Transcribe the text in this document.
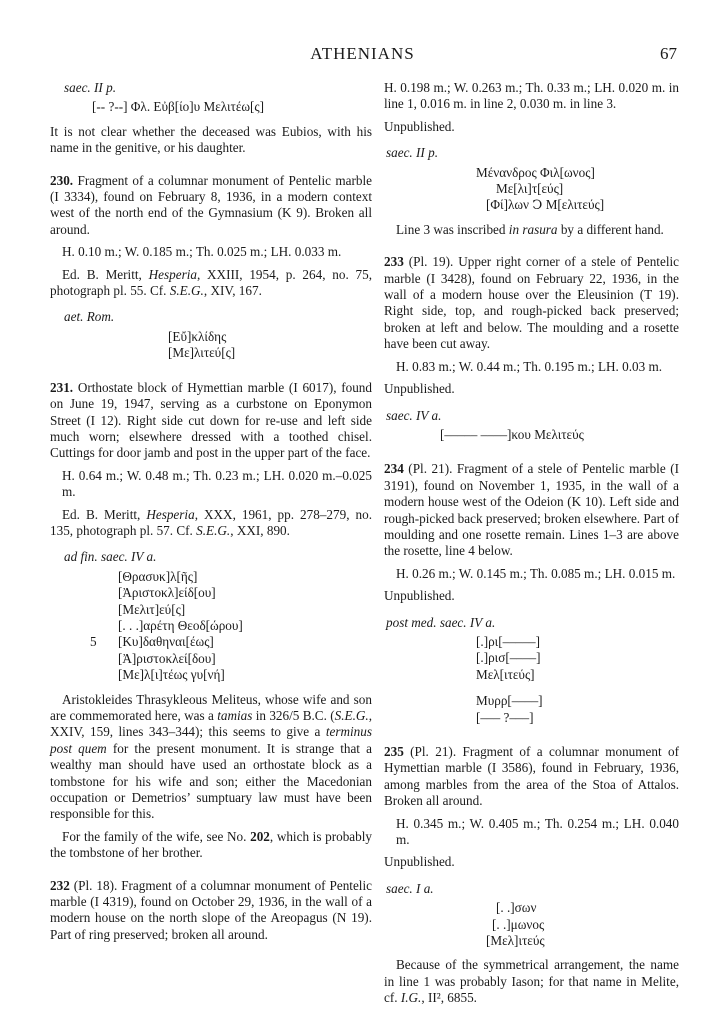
ATHENIANS	67

saec. II p.

[-- ?--] Φλ. Εὐβ[ίο]υ Μελιτέω[ς]

It is not clear whether the deceased was Eubios, with his name in the genitive, or his daughter.

230. Fragment of a columnar monument of Pentelic marble (I 3334), found on February 8, 1936, in a modern context west of the north end of the Gymnasium (K 9). Broken all around.

H. 0.10 m.; W. 0.185 m.; Th. 0.025 m.; LH. 0.033 m.

Ed. B. Meritt, Hesperia, XXIII, 1954, p. 264, no. 75, photograph pl. 55. Cf. S.E.G., XIV, 167.

aet. Rom.

[Εὔ]κλίδης
[Με]λιτεύ[ς]

231. Orthostate block of Hymettian marble (I 6017), found on June 19, 1947, serving as a curbstone on Eponymon Street (I 12). Right side cut down for re-use and left side much worn; elsewhere dressed with a toothed chisel. Cuttings for door jamb and post in the upper part of the face.

H. 0.64 m.; W. 0.48 m.; Th. 0.23 m.; LH. 0.020 m.–0.025 m.

Ed. B. Meritt, Hesperia, XXX, 1961, pp. 278–279, no. 135, photograph pl. 57. Cf. S.E.G., XXI, 890.

ad fin. saec. IV a.

[Θρασυκ]λ[ῆς]
[Ἀριστοκλ]είδ[ου]
[Μελιτ]εύ[ς]
[. . .]αρέτη Θεοδ[ώρου]
5 [Κυ]δαθηναι[έως]
[Ἀ]ριστοκλεί[δου]
[Με]λ[ι]τέως γυ[νή]

Aristokleides Thrasykleous Meliteus, whose wife and son are commemorated here, was a tamias in 326/5 B.C. (S.E.G., XXIV, 159, lines 343–344); this seems to give a terminus post quem for the present monument. It is strange that a wealthy man should have used an orthostate block as a tombstone for his wife and son; either the Macedonian occupation or Demetrios’ sumptuary law must have been responsible for this.

For the family of the wife, see No. 202, which is probably the tombstone of her brother.

232 (Pl. 18). Fragment of a columnar monument of Pentelic marble (I 4319), found on October 29, 1936, in the wall of a modern house on the north slope of the Areopagus (N 19). Part of ring preserved; broken all around.

H. 0.198 m.; W. 0.263 m.; Th. 0.33 m.; LH. 0.020 m. in line 1, 0.016 m. in line 2, 0.030 m. in line 3.

Unpublished.

saec. II p.

Μένανδρος Φιλ[ωνος]
Με[λι]τ[εύς]
[Φί]λων Ↄ Μ[ελιτεύς]

Line 3 was inscribed in rasura by a different hand.

233 (Pl. 19). Upper right corner of a stele of Pentelic marble (I 3428), found on February 22, 1936, in the wall of a modern house over the Eleusinion (T 19). Right side, top, and rough-picked back preserved; broken at left and below. The moulding and a rosette have been cut away.

H. 0.83 m.; W. 0.44 m.; Th. 0.195 m.; LH. 0.03 m.

Unpublished.

saec. IV a.

[––––– ––––]κου Μελιτεύς

234 (Pl. 21). Fragment of a stele of Pentelic marble (I 3191), found on November 1, 1935, in the wall of a modern house west of the Odeion (K 10). Left side and rough-picked back preserved; broken elsewhere. Part of moulding and one rosette remain. Lines 1–3 are above the rosette, line 4 below.

H. 0.26 m.; W. 0.145 m.; Th. 0.085 m.; LH. 0.015 m.

Unpublished.

post med. saec. IV a.

[.]ρι[–––––]
[.]ρισ[––––]
Μελ[ιτεύς]
Μυρρ[––––]
[––– ?–––]

235 (Pl. 21). Fragment of a columnar monument of Hymettian marble (I 3586), found in February, 1936, among marbles from the area of the Stoa of Attalos. Broken all around.

H. 0.345 m.; W. 0.405 m.; Th. 0.254 m.; LH. 0.040 m.

Unpublished.

saec. I a.

[. .]σων
[. .]μωνος
[Μελ]ιτεύς

Because of the symmetrical arrangement, the name in line 1 was probably Iason; for that name in Melite, cf. I.G., II², 6855.
